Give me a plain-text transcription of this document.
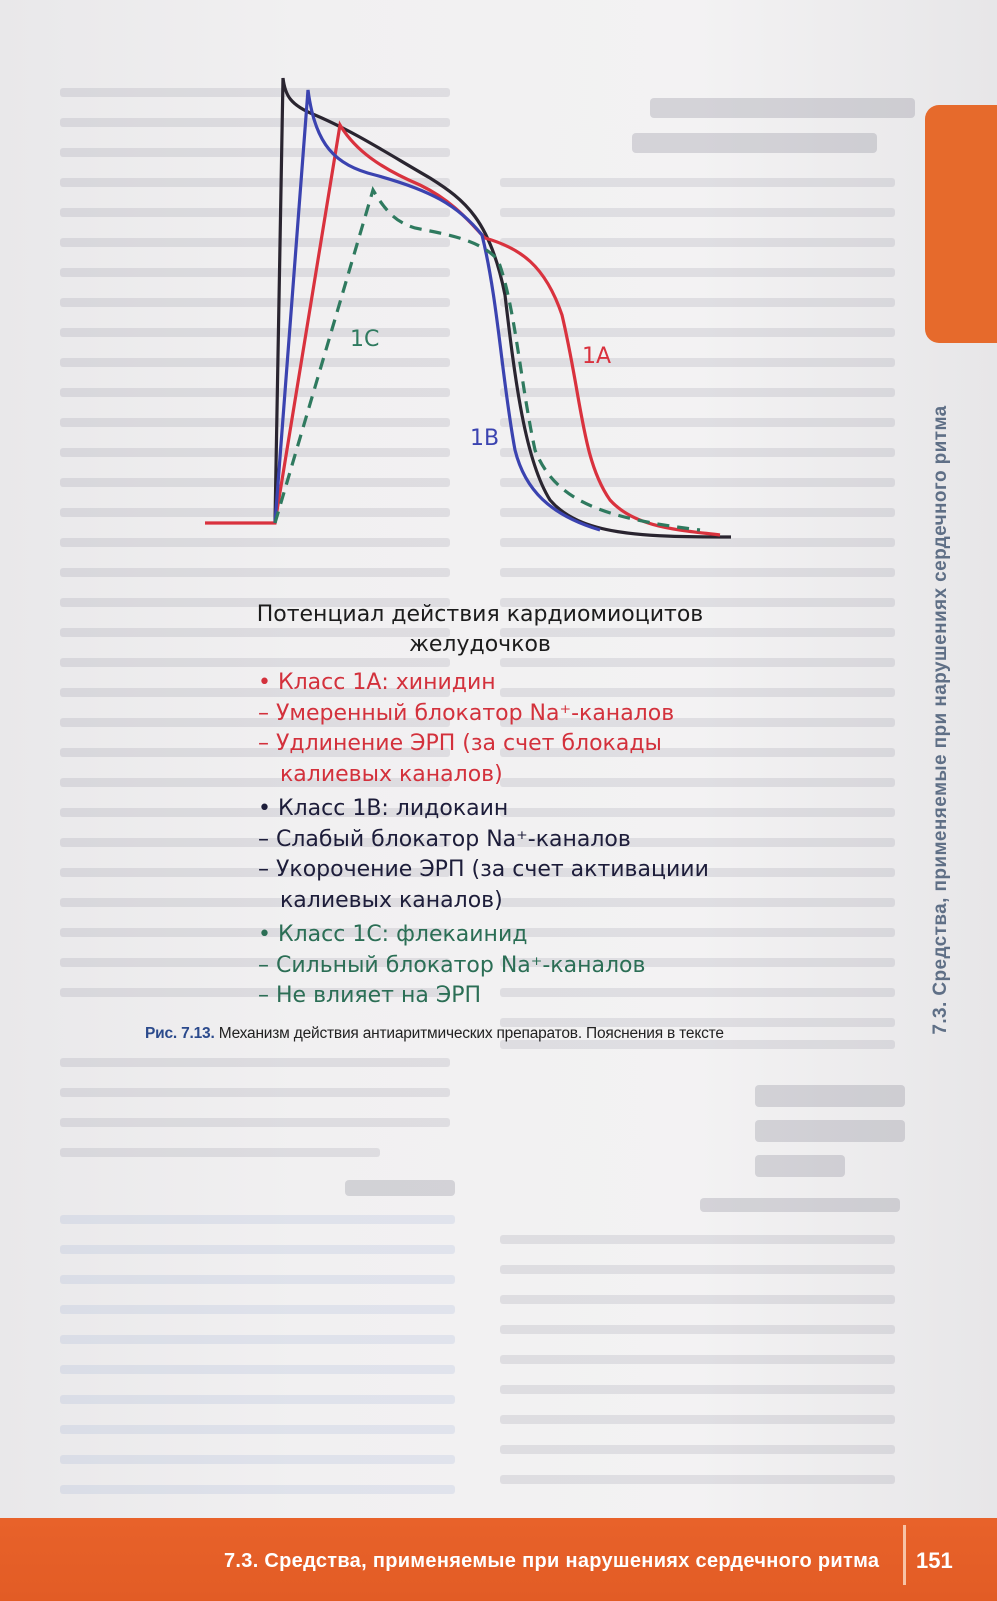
1C
1B
1A
Потенциал действия кардиомиоцитов
желудочков
• Класс 1А: хинидин
– Умеренный блокатор Na⁺-каналов
– Удлинение ЭРП (за счет блокады
калиевых каналов)
• Класс 1В: лидокаин
– Слабый блокатор Na⁺-каналов
– Укорочение ЭРП (за счет активациии
калиевых каналов)
• Класс 1С: флекаинид
– Сильный блокатор Na⁺-каналов
– Не влияет на ЭРП
Рис. 7.13. Механизм действия антиаритмических препаратов. Пояснения в тексте	7.3. Средства, применяемые при нарушениях сердечного ритма
7.3. Средства, применяемые при нарушениях сердечного ритма 151
